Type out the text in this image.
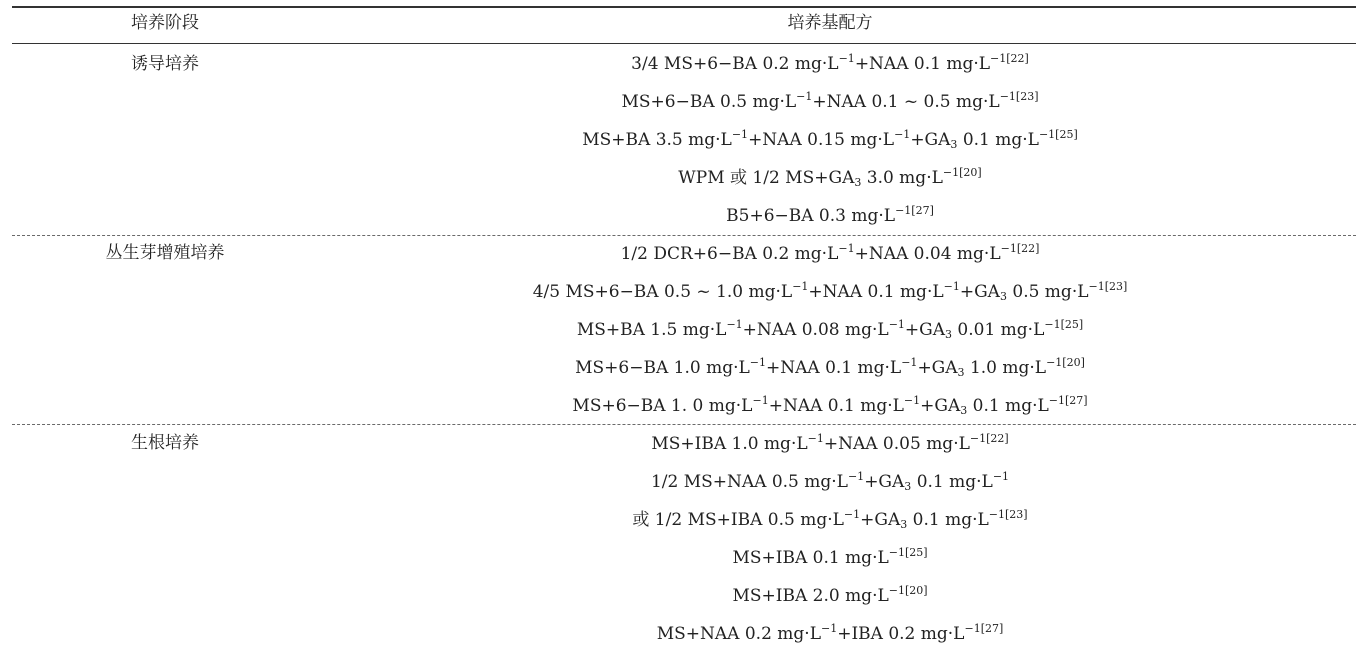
培养阶段	培养基配方
诱导培养
丛生芽增殖培养
生根培养
3/4 MS+6−BA 0.2 $mg\cdot L^{-1}+NAA$ 0.1 $mg\cdot L^{-1[22]}$
MS+6−BA 0.5 $mg\cdot L^{-1}+NAA$ 0.1 ~ 0.5 $mg\cdot L^{-1[23]}$
MS+BA 3.5 $mg\cdot L^{-1}+NAA$ 0.15 $mg\cdot L^{-1}+GA_3$ 0.1 $mg\cdot L^{-1[25]}$
WPM 或 1/2 $MS+GA_3$ 3.0 $mg\cdot L^{-1[20]}$
B5+6−BA 0.3 $mg\cdot L^{-1[27]}$
1/2 DCR+6−BA 0.2 $mg\cdot L^{-1}+NAA$ 0.04 $mg\cdot L^{-1[22]}$
4/5 MS+6−BA 0.5 ~ 1.0 $mg\cdot L^{-1}+NAA$ 0.1 $mg\cdot L^{-1}+GA_3$ 0.5 $mg\cdot L^{-1[23]}$
MS+BA 1.5 $mg\cdot L^{-1}+NAA$ 0.08 $mg\cdot L^{-1}+GA_3$ 0.01 $mg\cdot L^{-1[25]}$
MS+6−BA 1.0 $mg\cdot L^{-1}+NAA$ 0.1 $mg\cdot L^{-1}+GA_3$ 1.0 $mg\cdot L^{-1[20]}$
MS+6−BA 1. 0 $mg\cdot L^{-1}+NAA$ 0.1 $mg\cdot L^{-1}+GA_3$ 0.1 $mg\cdot L^{-1[27]}$
MS+IBA 1.0 $mg\cdot L^{-1}+NAA$ 0.05 $mg\cdot L^{-1[22]}$
1/2 MS+NAA 0.5 $mg\cdot L^{-1}+GA_3$ 0.1 $mg\cdot L^{-1}$
或 1/2 MS+IBA 0.5 $mg\cdot L^{-1}+GA_3$ 0.1 $mg\cdot L^{-1[23]}$
MS+IBA 0.1 $mg\cdot L^{-1[25]}$
MS+IBA 2.0 $mg\cdot L^{-1[20]}$
MS+NAA 0.2 $mg\cdot L^{-1}+IBA$ 0.2 $mg\cdot L^{-1[27]}$
